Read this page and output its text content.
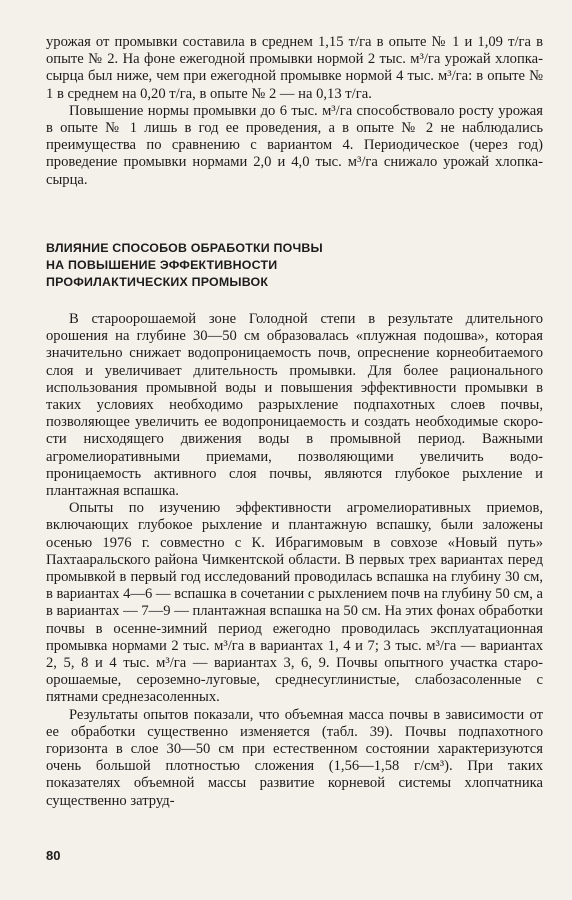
урожая от промывки составила в среднем 1,15 т/га в опыте № 1 и 1,09 т/га в опыте № 2. На фоне ежегодной промывки нормой 2 тыс. м³/га урожай хлопка-сырца был ниже, чем при ежегодной промывке нормой 4 тыс. м³/га: в опыте № 1 в среднем на 0,20 т/га, в опыте № 2 — на 0,13 т/га.

Повышение нормы промывки до 6 тыс. м³/га способствовало росту урожая в опыте № 1 лишь в год ее проведения, а в опыте № 2 не наблюдались преимущества по сравнению с вариантом 4. Периодическое (через год) проведение промывки нормами 2,0 и 4,0 тыс. м³/га снижало урожай хлопка-сырца.

ВЛИЯНИЕ СПОСОБОВ ОБРАБОТКИ ПОЧВЫ
НА ПОВЫШЕНИЕ ЭФФЕКТИВНОСТИ
ПРОФИЛАКТИЧЕСКИХ ПРОМЫВОК

В староорошаемой зоне Голодной степи в результате длительного орошения на глубине 30—50 см образовалась «плужная подошва», которая значительно снижает водопроницаемость почв, опреснение корнеобитаемого слоя и увеличивает длительность промывки. Для более рационального использования промывной воды и повышения эффективности промывки в таких условиях необходимо разрыхление подпахотных слоев почвы, позволяющее увеличить ее водопроницаемость и создать необходимые скорости нисходящего движения воды в промывной период. Важными агромелиоративными приемами, позволяющими увеличить водопроницаемость активного слоя почвы, являются глубокое рыхление и плантажная вспашка.

Опыты по изучению эффективности агромелиоративных приемов, включающих глубокое рыхление и плантажную вспашку, были заложены осенью 1976 г. совместно с К. Ибрагимовым в совхозе «Новый путь» Пахтааральского района Чимкентской области. В первых трех вариантах перед промывкой в первый год исследований проводилась вспашка на глубину 30 см, в вариантах 4—6 — вспашка в сочетании с рыхлением почв на глубину 50 см, а в вариантах — 7—9 — плантажная вспашка на 50 см. На этих фонах обработки почвы в осенне-зимний период ежегодно проводилась эксплуатационная промывка нормами 2 тыс. м³/га в вариантах 1, 4 и 7; 3 тыс. м³/га — вариантах 2, 5, 8 и 4 тыс. м³/га — вариантах 3, 6, 9. Почвы опытного участка староорошаемые, сероземно-луговые, среднесуглинистые, слабозасоленные с пятнами среднезасоленных.

Результаты опытов показали, что объемная масса почвы в зависимости от ее обработки существенно изменяется (табл. 39). Почвы подпахотного горизонта в слое 30—50 см при естественном состоянии характеризуются очень большой плотностью сложения (1,56—1,58 г/см³). При таких показателях объемной массы развитие корневой системы хлопчатника существенно затруд-

80
